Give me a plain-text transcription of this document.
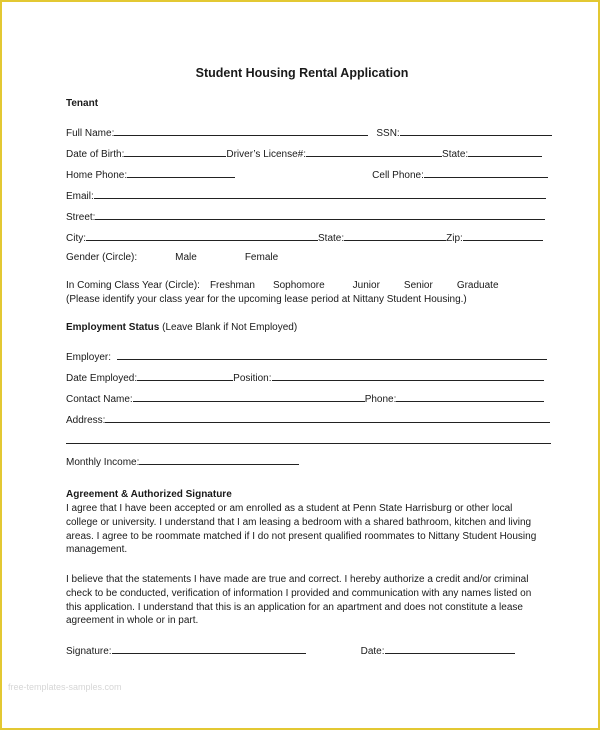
Student Housing Rental Application
Tenant
Full Name:	SSN:
Date of Birth:	Driver’s License#:	State:
Home Phone:	Cell Phone:
Email:
Street:
City:	State:	Zip:
Gender (Circle):	Male	Female
In Coming Class Year (Circle): Freshman Sophomore	Junior Senior Graduate
(Please identify your class year for the upcoming lease period at Nittany Student Housing.)
Employment Status (Leave Blank if Not Employed)
Employer:
Date Employed:	Position:
Contact Name:	Phone:
Address:
Monthly Income:
Agreement & Authorized Signature

I agree that I have been accepted or am enrolled as a student at Penn State Harrisburg or other local college or university. I understand that I am leasing a bedroom with a shared bathroom, kitchen and living areas. I agree to be roommate matched if I do not present qualified roommates to Nittany Student Housing management.

I believe that the statements I have made are true and correct. I hereby authorize a credit and/or criminal check to be conducted, verification of information I provided and communication with any names listed on this application. I understand that this is an application for an apartment and does not constitute a lease agreement in whole or in part.

Signature:	Date:
free-templates-samples.com
